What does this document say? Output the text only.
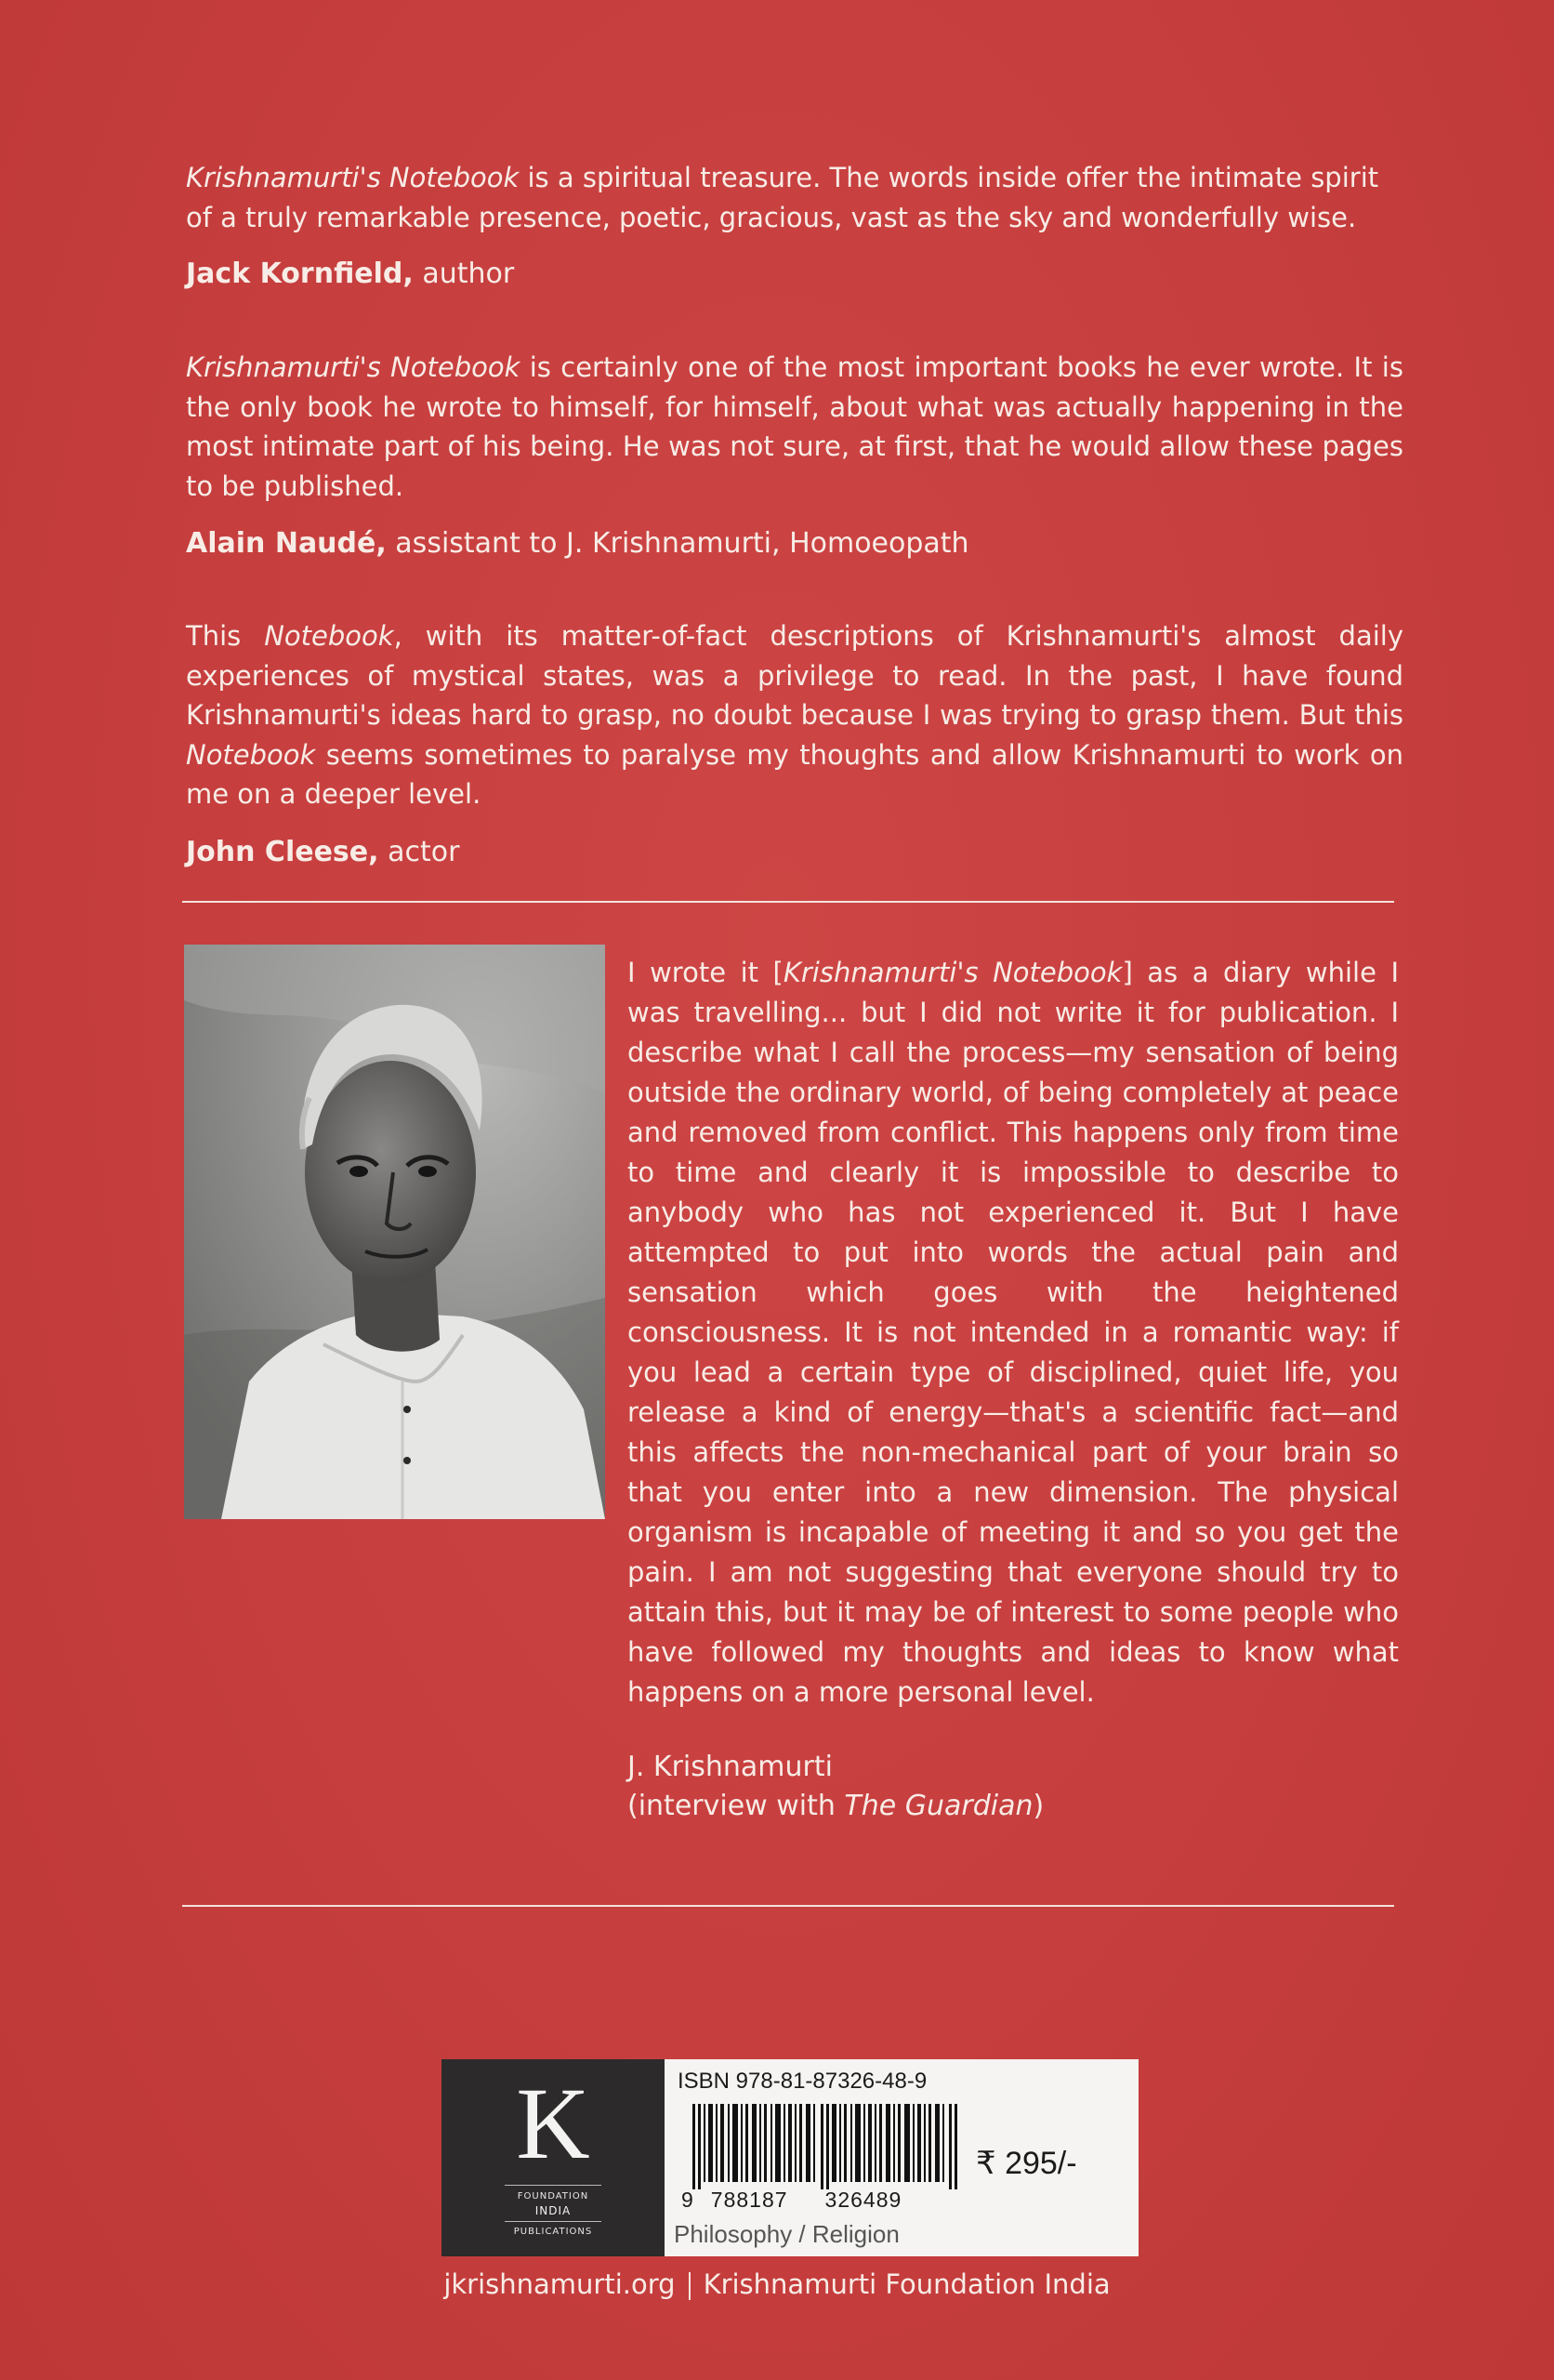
Krishnamurti's Notebook is a spiritual treasure. The words inside offer the intimate spirit of a truly remarkable presence, poetic, gracious, vast as the sky and wonderfully wise.
Jack Kornfield, author
Krishnamurti's Notebook is certainly one of the most important books he ever wrote. It is the only book he wrote to himself, for himself, about what was actually happening in the most intimate part of his being. He was not sure, at first, that he would allow these pages to be published.
Alain Naudé, assistant to J. Krishnamurti, Homoeopath
This Notebook, with its matter-of-fact descriptions of Krishnamurti's almost daily experiences of mystical states, was a privilege to read. In the past, I have found Krishnamurti's ideas hard to grasp, no doubt because I was trying to grasp them. But this Notebook seems sometimes to paralyse my thoughts and allow Krishnamurti to work on me on a deeper level.
John Cleese, actor
I wrote it [Krishnamurti's Notebook] as a diary while I was travelling... but I did not write it for publication. I describe what I call the process—my sensation of being outside the ordinary world, of being completely at peace and removed from conflict. This happens only from time to time and clearly it is impossible to describe to anybody who has not experienced it. But I have attempted to put into words the actual pain and sensation which goes with the heightened consciousness. It is not intended in a romantic way: if you lead a certain type of disciplined, quiet life, you release a kind of energy—that's a scientific fact—and this affects the non-mechanical part of your brain so that you enter into a new dimension. The physical organism is incapable of meeting it and so you get the pain. I am not suggesting that everyone should try to attain this, but it may be of interest to some people who have followed my thoughts and ideas to know what happens on a more personal level.
J. Krishnamurti
(interview with The Guardian)
K
FOUNDATION
INDIA
PUBLICATIONS
ISBN 978-81-87326-48-9
₹ 295/-
9 788187 326489
Philosophy / Religion
jkrishnamurti.org Krishnamurti Foundation India
